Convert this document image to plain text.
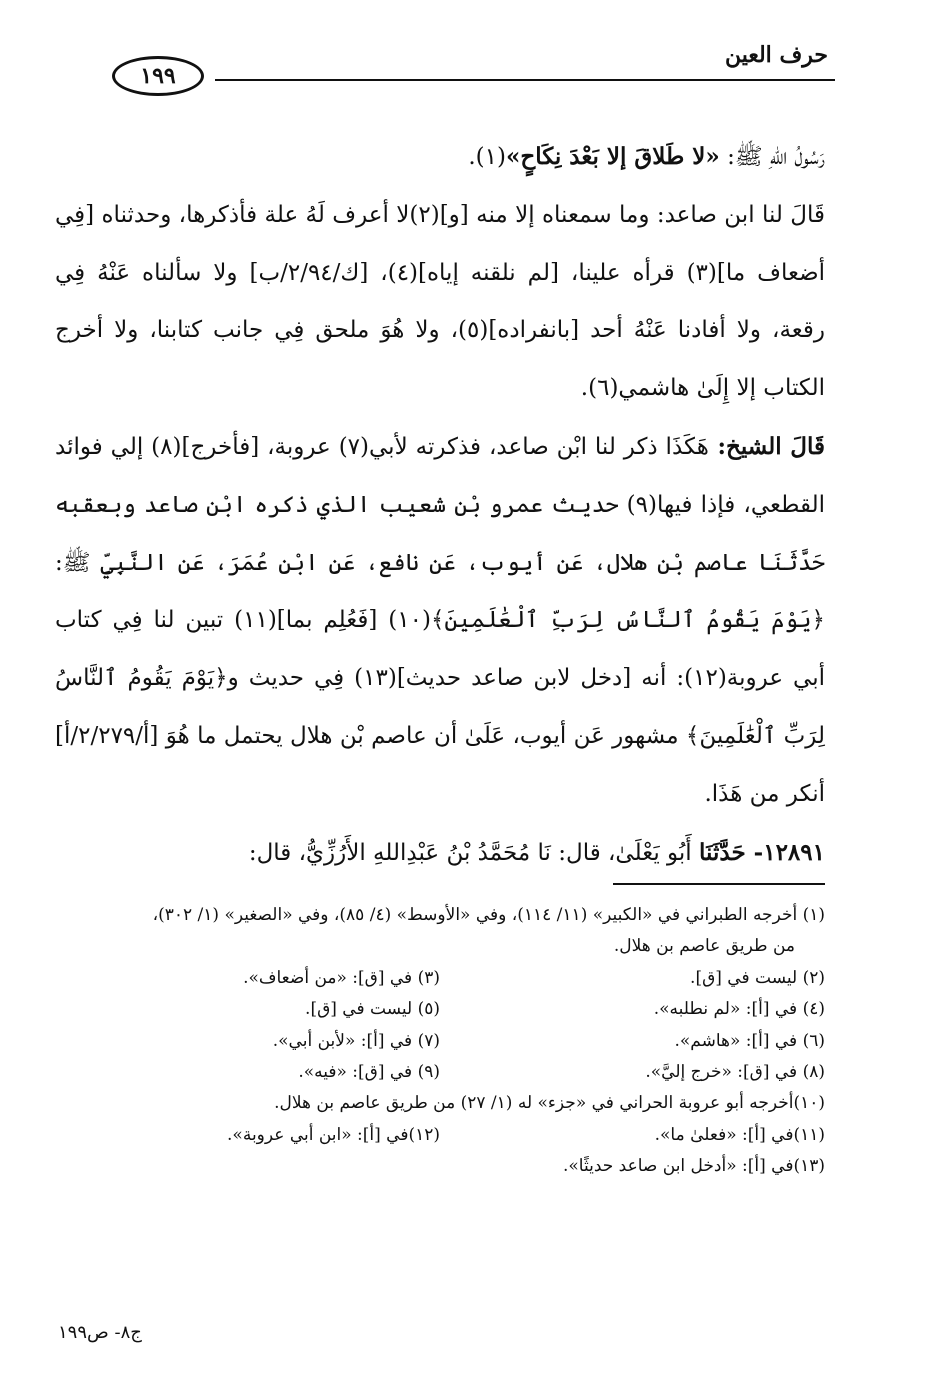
حرف العين
١٩٩

رَسُولُ اللهِ ﷺ: «لا طَلاقَ إلا بَعْدَ نِكَاحٍ»(١).

قَالَ لنا ابن صاعد: وما سمعناه إلا منه [و](٢)لا أعرف لَهُ علة فأذكرها، وحدثناه [فِي أضعاف ما](٣) قرأه علينا، [لم نلقنه إياه](٤)، [ك/٢/٩٤/ب] ولا سألناه عَنْهُ فِي رقعة، ولا أفادنا عَنْهُ أحد [بانفراده](٥)، ولا هُوَ ملحق فِي جانب كتابنا، ولا أخرج الكتاب إلا إِلَىٰ هاشمي(٦).

قَالَ الشيخ: هَكَذَا ذكر لنا ابْن صاعد، فذكرته لأبي(٧) عروبة، [فأخرج](٨) إلي فوائد القطعي، فإذا فيها(٩) حديث عمرو بْن شعيب الذي ذكره ابْن صاعد وبعقبه حَدَّثَنَا عاصم بْن هلال، عَن أيوب، عَن نافع، عَنِ ابْنِ عُمَرَ، عَنِ النَّبِيِّ ﷺ: ﴿يَوْمَ يَقُومُ ٱلنَّاسُ لِرَبِّ ٱلْعَٰلَمِينَ﴾(١٠) [فَعُلِم بما](١١) تبين لنا فِي كتاب أبي عروبة(١٢): أنه [دخل لابن صاعد حديث](١٣) فِي حديث و﴿يَوْمَ يَقُومُ ٱلنَّاسُ لِرَبِّ ٱلْعَٰلَمِينَ﴾ مشهور عَن أيوب، عَلَىٰ أن عاصم بْن هلال يحتمل ما هُوَ [أ/٢/٢٧٩/أ] أنكر من هَذَا.

١٢٨٩١- حَدَّثَنَا أَبُو يَعْلَىٰ، قال: نَا مُحَمَّدُ بْنُ عَبْدِاللهِ الأَرُزِّيُّ، قال:

(١) أخرجه الطبراني في «الكبير» (١١/ ١١٤)، وفي «الأوسط» (٤/ ٨٥)، وفي «الصغير» (١/ ٣٠٢)،
من طريق عاصم بن هلال.
(٢) ليست في [ق].
(٣) في [ق]: «من أضعاف».
(٤) في [أ]: «لم نطلبه».
(٥) ليست في [ق].
(٦) في [أ]: «هاشم».
(٧) في [أ]: «لأبن أبي».
(٨) في [ق]: «خرج إليَّ».
(٩) في [ق]: «فيه».
(١٠)أخرجه أبو عروبة الحراني في «جزء» له (١/ ٢٧) من طريق عاصم بن هلال.
(١١)في [أ]: «فعلىٰ ما».
(١٢)في [أ]: «ابن أبي عروبة».
(١٣)في [أ]: «أدخل ابن صاعد حديثًا».
ج٨- ص١٩٩
